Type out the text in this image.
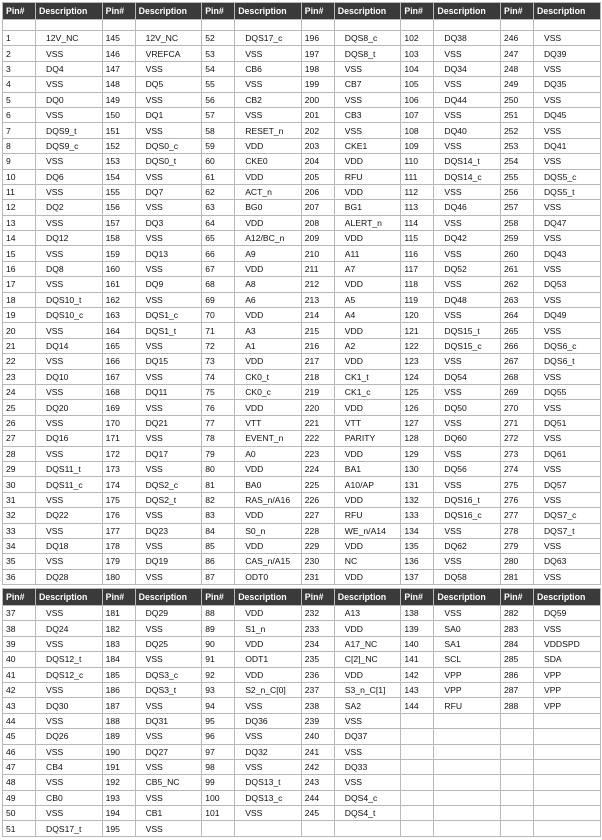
Pin#	Description	Pin#	Description	Pin#	Description	Pin#	Description	Pin#	Description	Pin#	Description

1	12V_NC	145	12V_NC	52	DQS17_c	196	DQS8_c	102	DQ38	246	VSS
2	VSS	146	VREFCA	53	VSS	197	DQS8_t	103	VSS	247	DQ39
3	DQ4	147	VSS	54	CB6	198	VSS	104	DQ34	248	VSS
4	VSS	148	DQ5	55	VSS	199	CB7	105	VSS	249	DQ35
5	DQ0	149	VSS	56	CB2	200	VSS	106	DQ44	250	VSS
6	VSS	150	DQ1	57	VSS	201	CB3	107	VSS	251	DQ45
7	DQS9_t	151	VSS	58	RESET_n	202	VSS	108	DQ40	252	VSS
8	DQS9_c	152	DQS0_c	59	VDD	203	CKE1	109	VSS	253	DQ41
9	VSS	153	DQS0_t	60	CKE0	204	VDD	110	DQS14_t	254	VSS
10	DQ6	154	VSS	61	VDD	205	RFU	111	DQS14_c	255	DQS5_c
11	VSS	155	DQ7	62	ACT_n	206	VDD	112	VSS	256	DQS5_t
12	DQ2	156	VSS	63	BG0	207	BG1	113	DQ46	257	VSS
13	VSS	157	DQ3	64	VDD	208	ALERT_n	114	VSS	258	DQ47
14	DQ12	158	VSS	65	A12/BC_n	209	VDD	115	DQ42	259	VSS
15	VSS	159	DQ13	66	A9	210	A11	116	VSS	260	DQ43
16	DQ8	160	VSS	67	VDD	211	A7	117	DQ52	261	VSS
17	VSS	161	DQ9	68	A8	212	VDD	118	VSS	262	DQ53
18	DQS10_t	162	VSS	69	A6	213	A5	119	DQ48	263	VSS
19	DQS10_c	163	DQS1_c	70	VDD	214	A4	120	VSS	264	DQ49
20	VSS	164	DQS1_t	71	A3	215	VDD	121	DQS15_t	265	VSS
21	DQ14	165	VSS	72	A1	216	A2	122	DQS15_c	266	DQS6_c
22	VSS	166	DQ15	73	VDD	217	VDD	123	VSS	267	DQS6_t
23	DQ10	167	VSS	74	CK0_t	218	CK1_t	124	DQ54	268	VSS
24	VSS	168	DQ11	75	CK0_c	219	CK1_c	125	VSS	269	DQ55
25	DQ20	169	VSS	76	VDD	220	VDD	126	DQ50	270	VSS
26	VSS	170	DQ21	77	VTT	221	VTT	127	VSS	271	DQ51
27	DQ16	171	VSS	78	EVENT_n	222	PARITY	128	DQ60	272	VSS
28	VSS	172	DQ17	79	A0	223	VDD	129	VSS	273	DQ61
29	DQS11_t	173	VSS	80	VDD	224	BA1	130	DQ56	274	VSS
30	DQS11_c	174	DQS2_c	81	BA0	225	A10/AP	131	VSS	275	DQ57
31	VSS	175	DQS2_t	82	RAS_n/A16	226	VDD	132	DQS16_t	276	VSS
32	DQ22	176	VSS	83	VDD	227	RFU	133	DQS16_c	277	DQS7_c
33	VSS	177	DQ23	84	S0_n	228	WE_n/A14	134	VSS	278	DQS7_t
34	DQ18	178	VSS	85	VDD	229	VDD	135	DQ62	279	VSS
35	VSS	179	DQ19	86	CAS_n/A15	230	NC	136	VSS	280	DQ63
36	DQ28	180	VSS	87	ODT0	231	VDD	137	DQ58	281	VSS
Pin#	Description	Pin#	Description	Pin#	Description	Pin#	Description	Pin#	Description	Pin#	Description
37	VSS	181	DQ29	88	VDD	232	A13	138	VSS	282	DQ59
38	DQ24	182	VSS	89	S1_n	233	VDD	139	SA0	283	VSS
39	VSS	183	DQ25	90	VDD	234	A17_NC	140	SA1	284	VDDSPD
40	DQS12_t	184	VSS	91	ODT1	235	C[2]_NC	141	SCL	285	SDA
41	DQS12_c	185	DQS3_c	92	VDD	236	VDD	142	VPP	286	VPP
42	VSS	186	DQS3_t	93	S2_n_C[0]	237	S3_n_C[1]	143	VPP	287	VPP
43	DQ30	187	VSS	94	VSS	238	SA2	144	RFU	288	VPP
44	VSS	188	DQ31	95	DQ36	239	VSS				
45	DQ26	189	VSS	96	VSS	240	DQ37				
46	VSS	190	DQ27	97	DQ32	241	VSS				
47	CB4	191	VSS	98	VSS	242	DQ33				
48	VSS	192	CB5_NC	99	DQS13_t	243	VSS				
49	CB0	193	VSS	100	DQS13_c	244	DQS4_c				
50	VSS	194	CB1	101	VSS	245	DQS4_t				
51	DQS17_t	195	VSS								
